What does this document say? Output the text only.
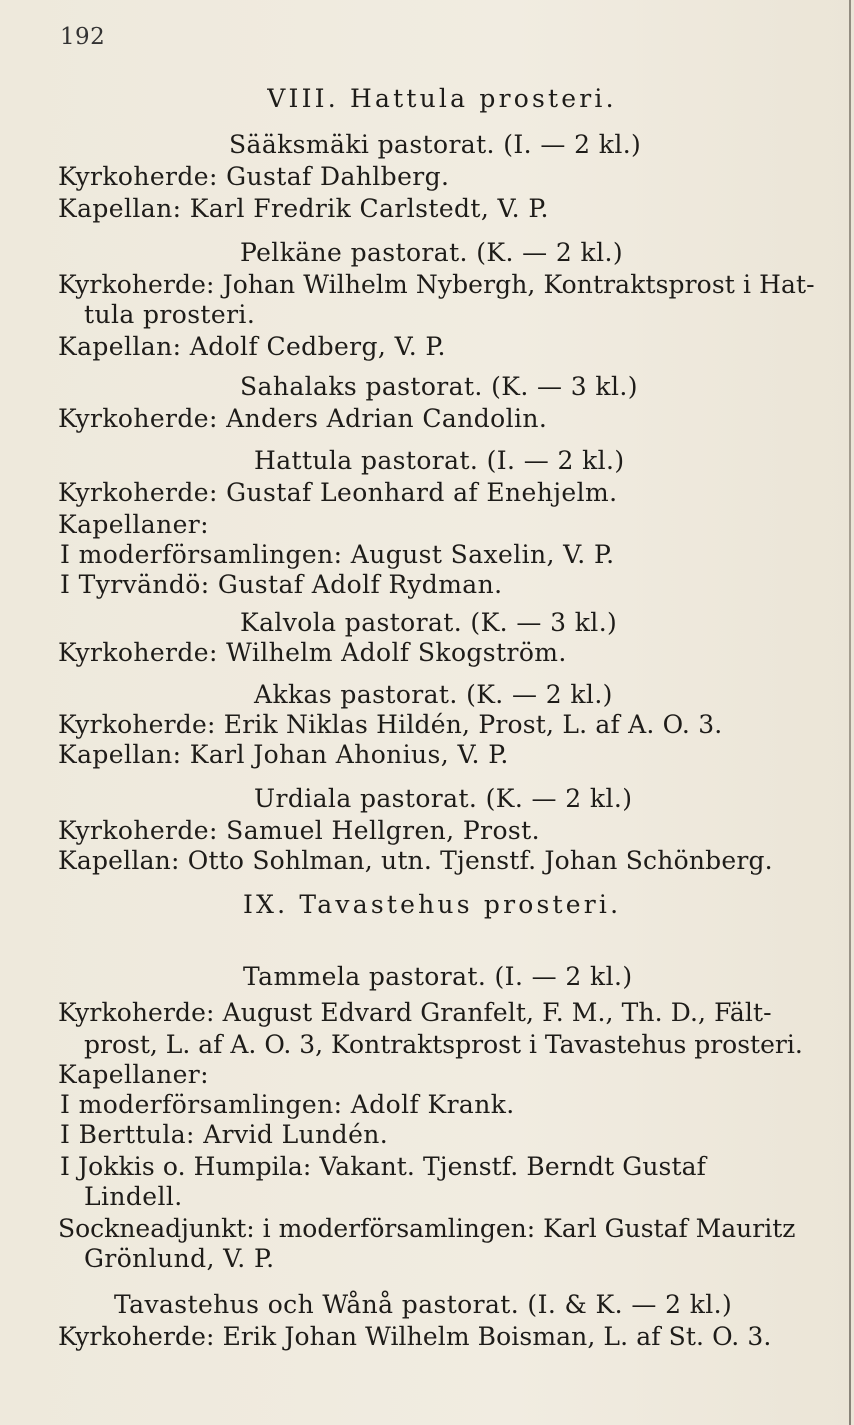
192
VIII. Hattula prosteri.
Sääksmäki pastorat. (I. — 2 kl.)
Kyrkoherde: Gustaf Dahlberg.
Kapellan: Karl Fredrik Carlstedt, V. P.
Pelkäne pastorat. (K. — 2 kl.)
Kyrkoherde: Johan Wilhelm Nybergh, Kontraktsprost i Hat-
tula prosteri.
Kapellan: Adolf Cedberg, V. P.
Sahalaks pastorat. (K. — 3 kl.)
Kyrkoherde: Anders Adrian Candolin.
Hattula pastorat. (I. — 2 kl.)
Kyrkoherde: Gustaf Leonhard af Enehjelm.
Kapellaner:
I moderförsamlingen: August Saxelin, V. P.
I Tyrvändö: Gustaf Adolf Rydman.
Kalvola pastorat. (K. — 3 kl.)
Kyrkoherde: Wilhelm Adolf Skogström.
Akkas pastorat. (K. — 2 kl.)
Kyrkoherde: Erik Niklas Hildén, Prost, L. af A. O. 3.
Kapellan: Karl Johan Ahonius, V. P.
Urdiala pastorat. (K. — 2 kl.)
Kyrkoherde: Samuel Hellgren, Prost.
Kapellan: Otto Sohlman, utn. Tjenstf. Johan Schönberg.
IX. Tavastehus prosteri.
Tammela pastorat. (I. — 2 kl.)
Kyrkoherde: August Edvard Granfelt, F. M., Th. D., Fält-
prost, L. af A. O. 3, Kontraktsprost i Tavastehus prosteri.
Kapellaner:
I moderförsamlingen: Adolf Krank.
I Berttula: Arvid Lundén.
I Jokkis o. Humpila: Vakant. Tjenstf. Berndt Gustaf
Lindell.
Sockneadjunkt: i moderförsamlingen: Karl Gustaf Mauritz
Grönlund, V. P.
Tavastehus och Wånå pastorat. (I. & K. — 2 kl.)
Kyrkoherde: Erik Johan Wilhelm Boisman, L. af St. O. 3.
